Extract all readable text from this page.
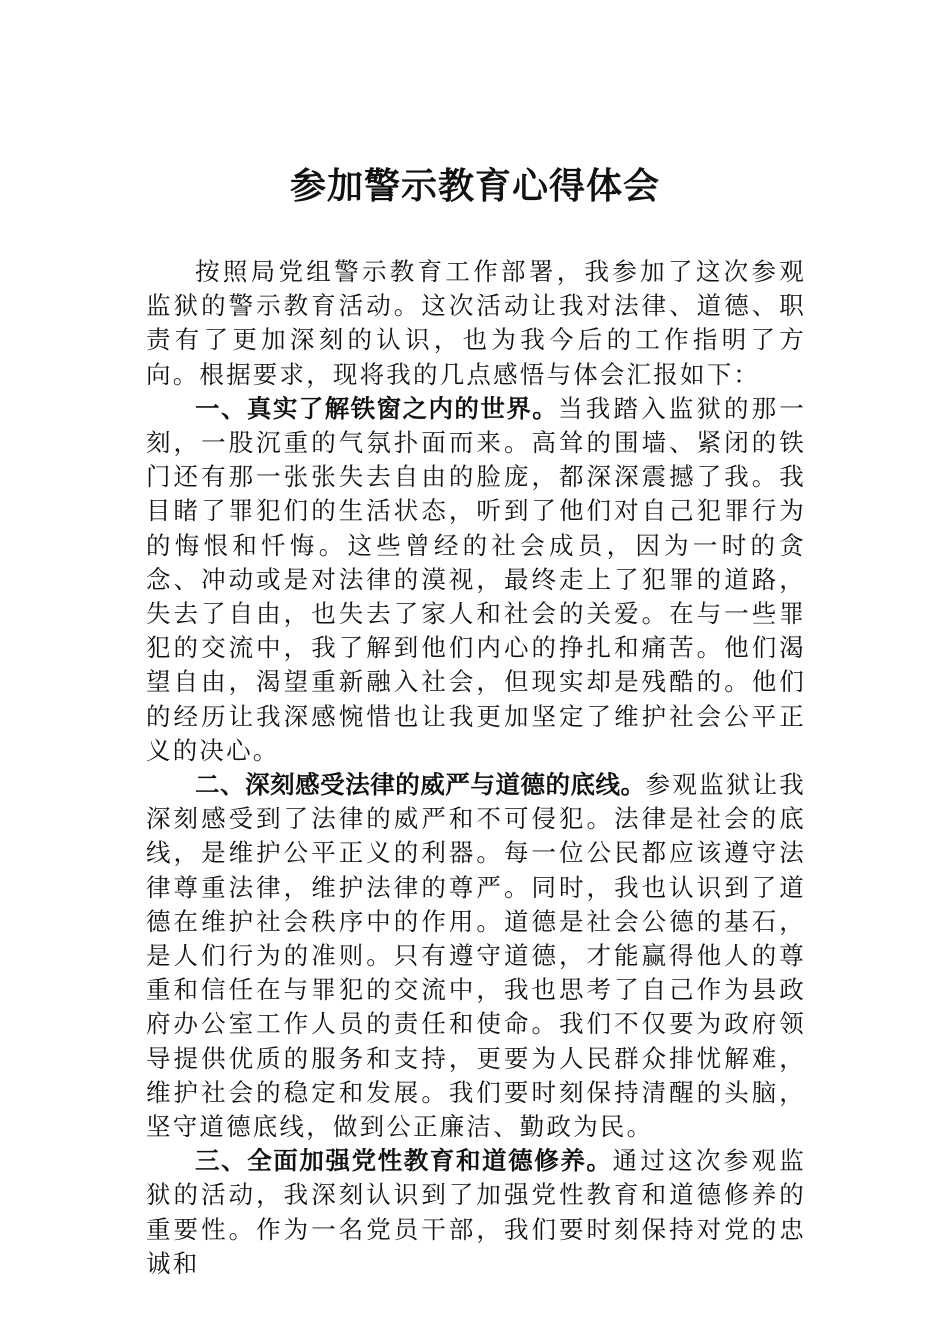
参加警示教育心得体会

按照局党组警示教育工作部署，我参加了这次参观监狱的警示教育活动。这次活动让我对法律、道德、职责有了更加深刻的认识，也为我今后的工作指明了方向。根据要求，现将我的几点感悟与体会汇报如下：

一、真实了解铁窗之内的世界。当我踏入监狱的那一刻，一股沉重的气氛扑面而来。高耸的围墙、紧闭的铁门还有那一张张失去自由的脸庞，都深深震撼了我。我目睹了罪犯们的生活状态，听到了他们对自己犯罪行为的悔恨和忏悔。这些曾经的社会成员，因为一时的贪念、冲动或是对法律的漠视，最终走上了犯罪的道路，失去了自由，也失去了家人和社会的关爱。在与一些罪犯的交流中，我了解到他们内心的挣扎和痛苦。他们渴望自由，渴望重新融入社会，但现实却是残酷的。他们的经历让我深感惋惜也让我更加坚定了维护社会公平正义的决心。

二、深刻感受法律的威严与道德的底线。参观监狱让我深刻感受到了法律的威严和不可侵犯。法律是社会的底线，是维护公平正义的利器。每一位公民都应该遵守法律尊重法律，维护法律的尊严。同时，我也认识到了道德在维护社会秩序中的作用。道德是社会公德的基石，是人们行为的准则。只有遵守道德，才能赢得他人的尊重和信任在与罪犯的交流中，我也思考了自己作为县政府办公室工作人员的责任和使命。我们不仅要为政府领导提供优质的服务和支持，更要为人民群众排忧解难，维护社会的稳定和发展。我们要时刻保持清醒的头脑，坚守道德底线，做到公正廉洁、勤政为民。

三、全面加强党性教育和道德修养。通过这次参观监狱的活动，我深刻认识到了加强党性教育和道德修养的重要性。作为一名党员干部，我们要时刻保持对党的忠诚和
